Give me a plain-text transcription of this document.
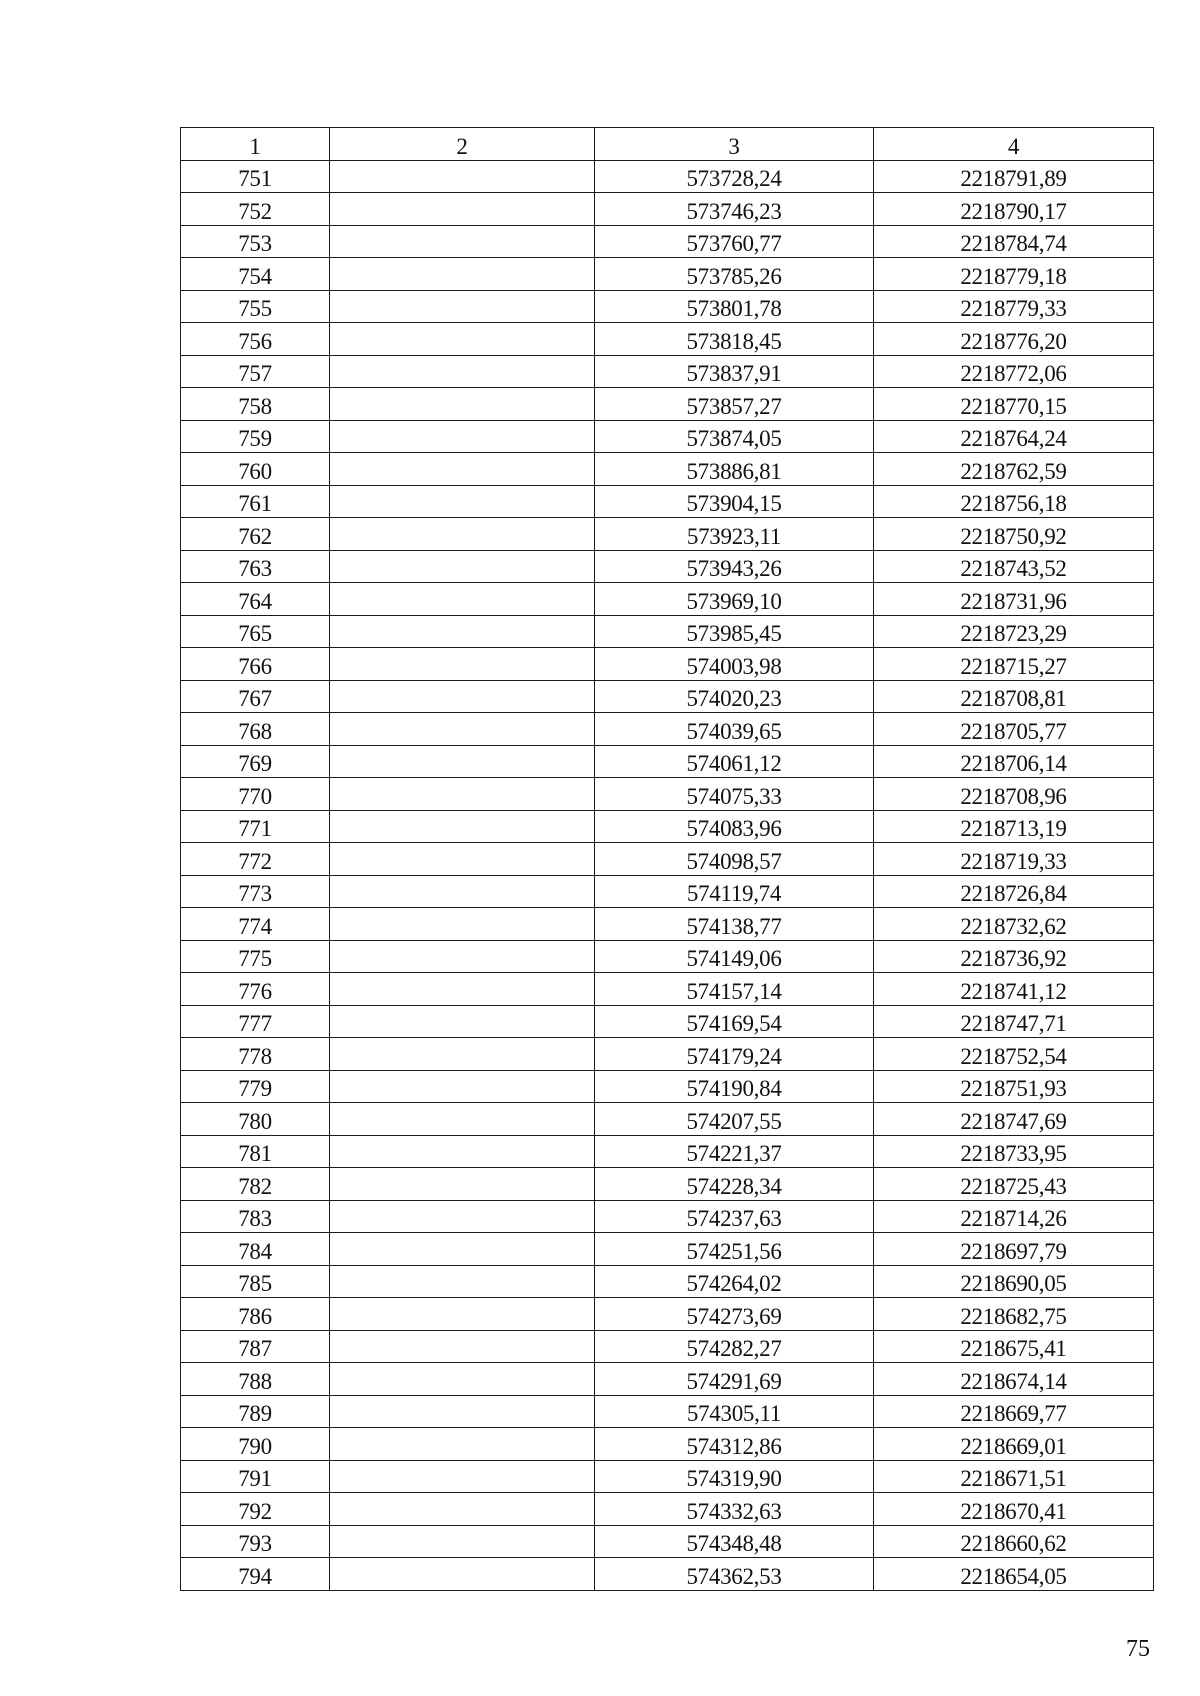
1	2	3	4
751		573728,24	2218791,89
752		573746,23	2218790,17
753		573760,77	2218784,74
754		573785,26	2218779,18
755		573801,78	2218779,33
756		573818,45	2218776,20
757		573837,91	2218772,06
758		573857,27	2218770,15
759		573874,05	2218764,24
760		573886,81	2218762,59
761		573904,15	2218756,18
762		573923,11	2218750,92
763		573943,26	2218743,52
764		573969,10	2218731,96
765		573985,45	2218723,29
766		574003,98	2218715,27
767		574020,23	2218708,81
768		574039,65	2218705,77
769		574061,12	2218706,14
770		574075,33	2218708,96
771		574083,96	2218713,19
772		574098,57	2218719,33
773		574119,74	2218726,84
774		574138,77	2218732,62
775		574149,06	2218736,92
776		574157,14	2218741,12
777		574169,54	2218747,71
778		574179,24	2218752,54
779		574190,84	2218751,93
780		574207,55	2218747,69
781		574221,37	2218733,95
782		574228,34	2218725,43
783		574237,63	2218714,26
784		574251,56	2218697,79
785		574264,02	2218690,05
786		574273,69	2218682,75
787		574282,27	2218675,41
788		574291,69	2218674,14
789		574305,11	2218669,77
790		574312,86	2218669,01
791		574319,90	2218671,51
792		574332,63	2218670,41
793		574348,48	2218660,62
794		574362,53	2218654,05
75
